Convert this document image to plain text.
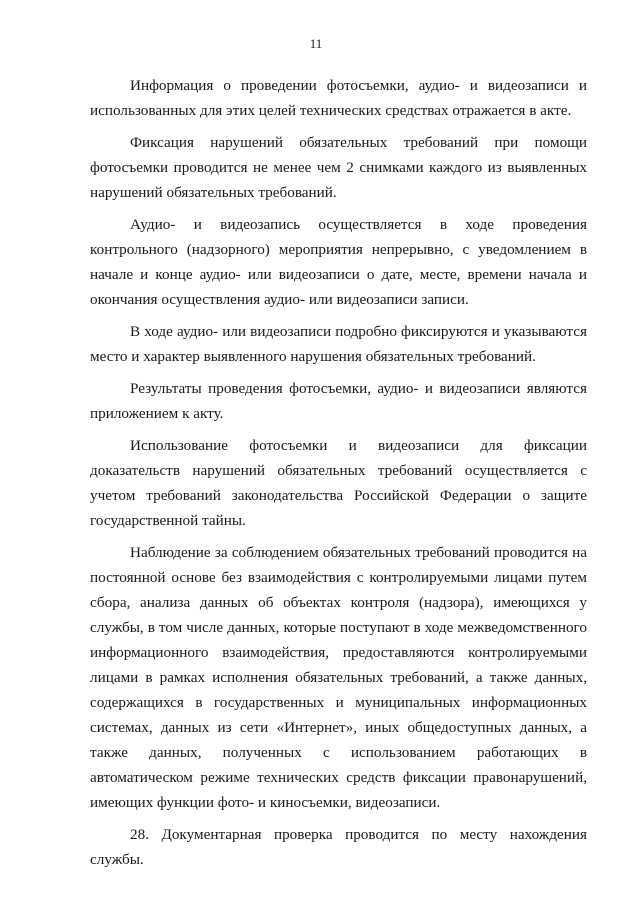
11

Информация о проведении фотосъемки, аудио- и видеозаписи и использованных для этих целей технических средствах отражается в акте.

Фиксация нарушений обязательных требований при помощи фотосъемки проводится не менее чем 2 снимками каждого из выявленных нарушений обязательных требований.

Аудио- и видеозапись осуществляется в ходе проведения контрольного (надзорного) мероприятия непрерывно, с уведомлением в начале и конце аудио- или видеозаписи о дате, месте, времени начала и окончания осуществления аудио- или видеозаписи записи.

В ходе аудио- или видеозаписи подробно фиксируются и указываются место и характер выявленного нарушения обязательных требований.

Результаты проведения фотосъемки, аудио- и видеозаписи являются приложением к акту.

Использование фотосъемки и видеозаписи для фиксации доказательств нарушений обязательных требований осуществляется с учетом требований законодательства Российской Федерации о защите государственной тайны.

Наблюдение за соблюдением обязательных требований проводится на постоянной основе без взаимодействия с контролируемыми лицами путем сбора, анализа данных об объектах контроля (надзора), имеющихся у службы, в том числе данных, которые поступают в ходе межведомственного информационного взаимодействия, предоставляются контролируемыми лицами в рамках исполнения обязательных требований, а также данных, содержащихся в государственных и муниципальных информационных системах, данных из сети «Интернет», иных общедоступных данных, а также данных, полученных с использованием работающих в автоматическом режиме технических средств фиксации правонарушений, имеющих функции фото- и киносъемки, видеозаписи.

28. Документарная проверка проводится по месту нахождения службы.
